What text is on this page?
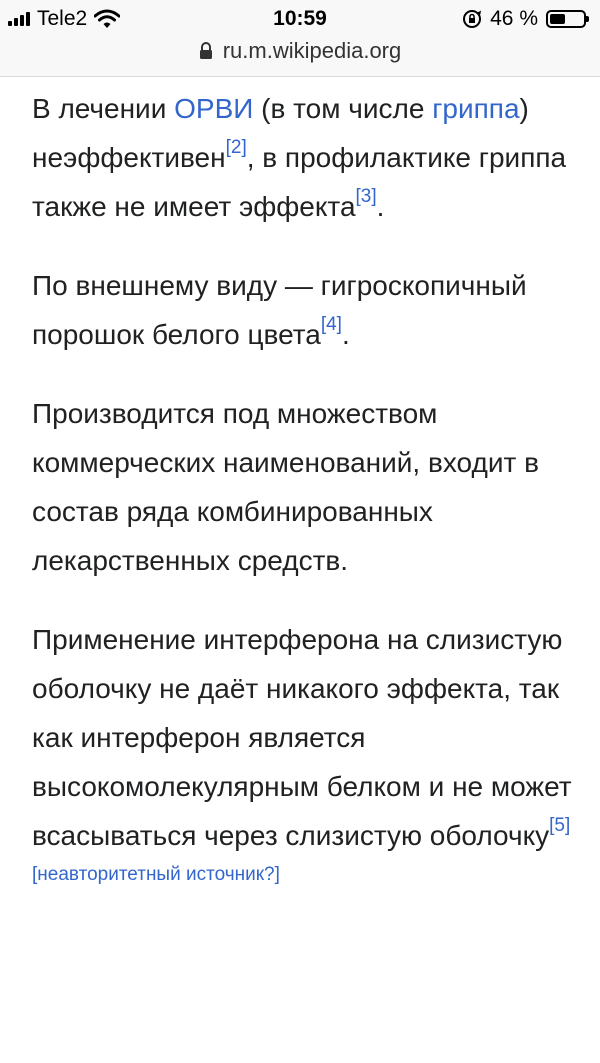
Tele2	10:59	46 %
ru.m.wikipedia.org

В лечении ОРВИ (в том числе гриппа) неэффективен[2], в профилактике гриппа также не имеет эффекта[3].

По внешнему виду — гигроскопичный порошок белого цвета[4].

Производится под множеством коммерческих наименований, входит в состав ряда комбинированных лекарственных средств.

Применение интерферона на слизистую оболочку не даёт никакого эффекта, так как интерферон является высокомолекулярным белком и не может всасываться через слизистую оболочку[5][неавторитетный источник?]
